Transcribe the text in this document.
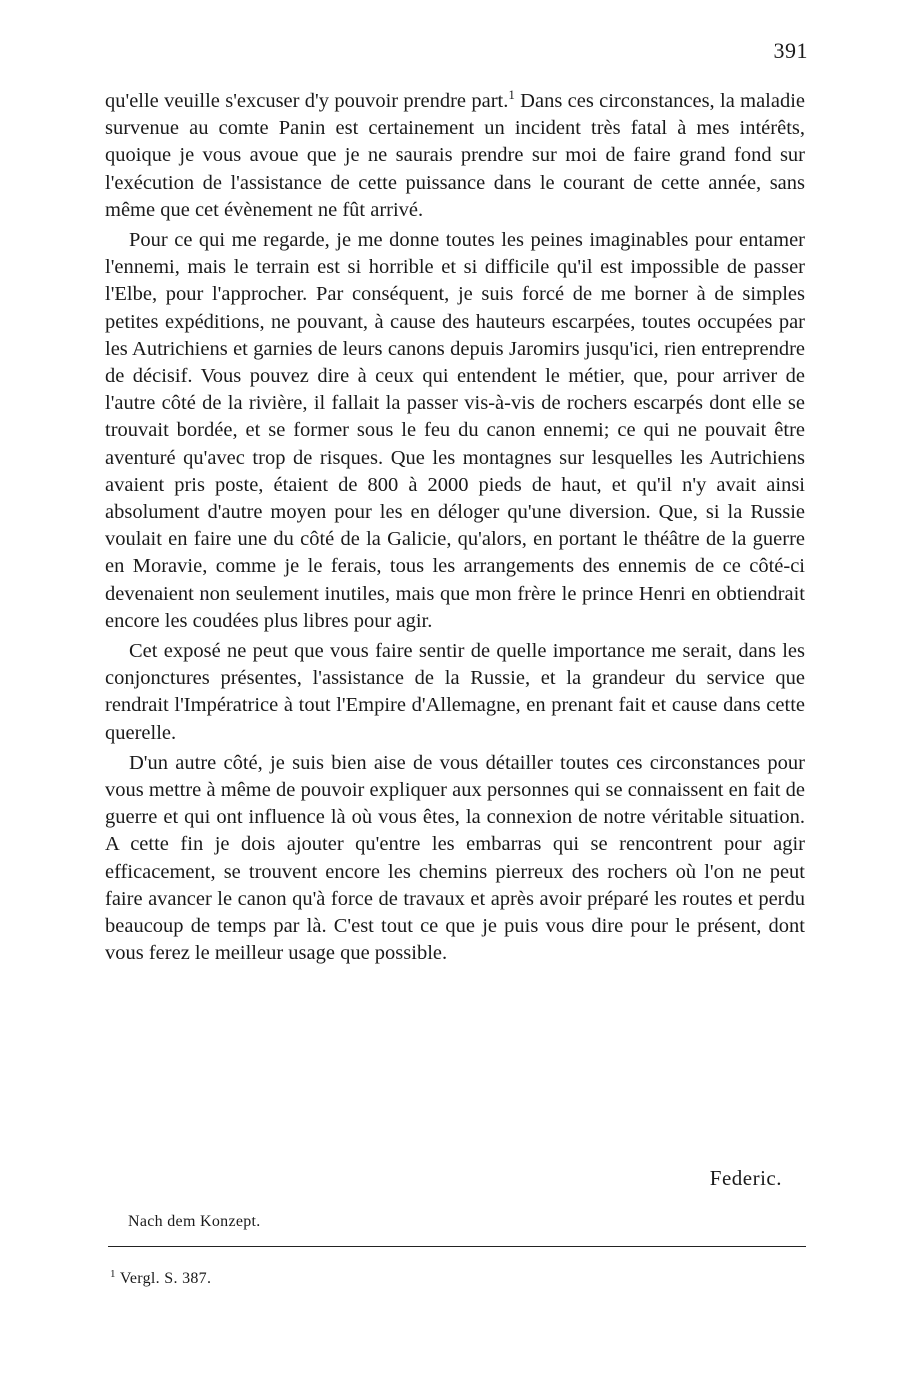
391

qu'elle veuille s'excuser d'y pouvoir prendre part.$^1$ Dans ces circonstances, la maladie survenue au comte Panin est certainement un incident très fatal à mes intérêts, quoique je vous avoue que je ne saurais prendre sur moi de faire grand fond sur l'exécution de l'assistance de cette puissance dans le courant de cette année, sans même que cet évènement ne fût arrivé.

Pour ce qui me regarde, je me donne toutes les peines imaginables pour entamer l'ennemi, mais le terrain est si horrible et si difficile qu'il est impossible de passer l'Elbe, pour l'approcher. Par conséquent, je suis forcé de me borner à de simples petites expéditions, ne pouvant, à cause des hauteurs escarpées, toutes occupées par les Autrichiens et garnies de leurs canons depuis Jaromirs jusqu'ici, rien entreprendre de décisif. Vous pouvez dire à ceux qui entendent le métier, que, pour arriver de l'autre côté de la rivière, il fallait la passer vis-à-vis de rochers escarpés dont elle se trouvait bordée, et se former sous le feu du canon ennemi; ce qui ne pouvait être aventuré qu'avec trop de risques. Que les montagnes sur lesquelles les Autrichiens avaient pris poste, étaient de 800 à 2000 pieds de haut, et qu'il n'y avait ainsi absolument d'autre moyen pour les en déloger qu'une diversion. Que, si la Russie voulait en faire une du côté de la Galicie, qu'alors, en portant le théâtre de la guerre en Moravie, comme je le ferais, tous les arrangements des ennemis de ce côté-ci devenaient non seulement inutiles, mais que mon frère le prince Henri en obtiendrait encore les coudées plus libres pour agir.

Cet exposé ne peut que vous faire sentir de quelle importance me serait, dans les conjonctures présentes, l'assistance de la Russie, et la grandeur du service que rendrait l'Impératrice à tout l'Empire d'Allemagne, en prenant fait et cause dans cette querelle.

D'un autre côté, je suis bien aise de vous détailler toutes ces circonstances pour vous mettre à même de pouvoir expliquer aux personnes qui se connaissent en fait de guerre et qui ont influence là où vous êtes, la connexion de notre véritable situation. A cette fin je dois ajouter qu'entre les embarras qui se rencontrent pour agir efficacement, se trouvent encore les chemins pierreux des rochers où l'on ne peut faire avancer le canon qu'à force de travaux et après avoir préparé les routes et perdu beaucoup de temps par là. C'est tout ce que je puis vous dire pour le présent, dont vous ferez le meilleur usage que possible.

Federic.
Nach dem Konzept.
$^1$ Vergl. S. 387.
